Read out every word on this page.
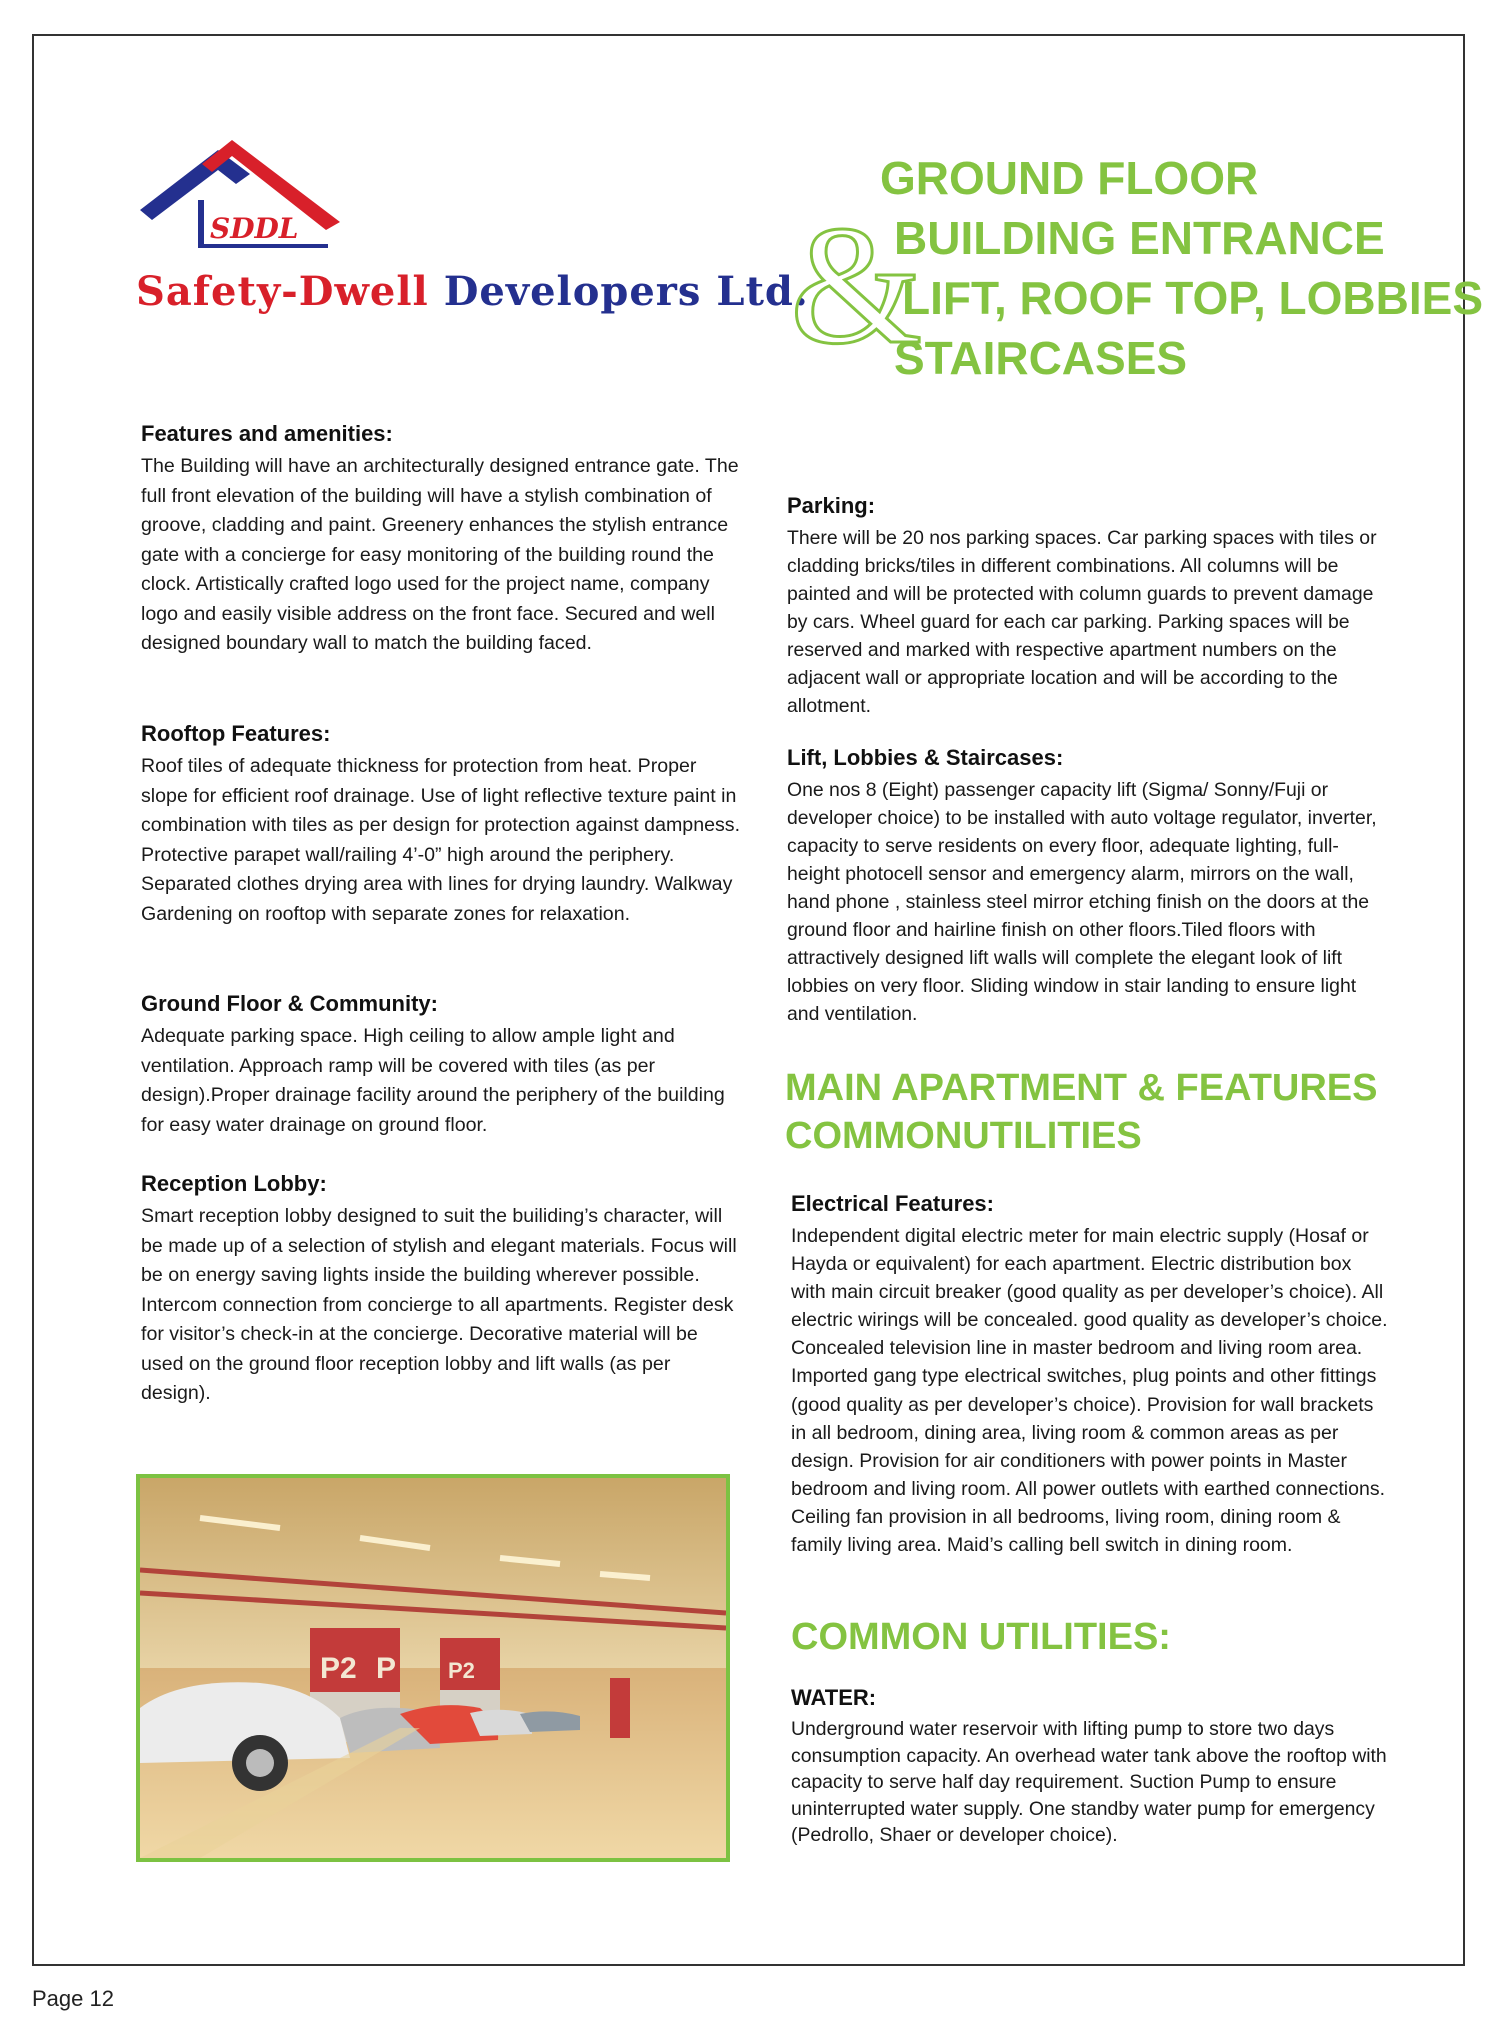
SDDL
Safety-Dwell Developers Ltd.
&
GROUND FLOOR
BUILDING ENTRANCE
LIFT, ROOF TOP, LOBBIES
STAIRCASES
Features and amenities:

The Building will have an architecturally designed entrance gate. The full front elevation of the building will have a stylish combination of groove, cladding and paint. Greenery enhances the stylish entrance gate with a concierge for easy monitoring of the building round the clock. Artistically crafted logo used for the project name, company logo and easily visible address on the front face. Secured and well designed boundary wall to match the building faced.

Rooftop Features:

Roof tiles of adequate thickness for protection from heat. Proper slope for efficient roof drainage. Use of light reflective texture paint in combination with tiles as per design for protection against dampness. Protective parapet wall/railing 4’-0” high around the periphery. Separated clothes drying area with lines for drying laundry. Walkway Gardening on rooftop with separate zones for relaxation.

Ground Floor & Community:

Adequate parking space. High ceiling to allow ample light and ventilation. Approach ramp will be covered with tiles (as per design).Proper drainage facility around the periphery of the building for easy water drainage on ground floor.

Reception Lobby:

Smart reception lobby designed to suit the builiding’s character, will be made up of a selection of stylish and elegant materials. Focus will be on energy saving lights inside the building wherever possible. Intercom connection from concierge to all apartments. Register desk for visitor’s check-in at the concierge. Decorative material will be used on the ground floor reception lobby and lift walls (as per design).

P2 P P2
Parking:

There will be 20 nos parking spaces. Car parking spaces with tiles or cladding bricks/tiles in different combinations. All columns will be painted and will be protected with column guards to prevent damage by cars. Wheel guard for each car parking. Parking spaces will be reserved and marked with respective apartment numbers on the adjacent wall or appropriate location and will be according to the allotment.

Lift, Lobbies & Staircases:

One nos 8 (Eight) passenger capacity lift (Sigma/ Sonny/Fuji or developer choice) to be installed with auto voltage regulator, inverter, capacity to serve residents on every floor, adequate lighting, full-height photocell sensor and emergency alarm, mirrors on the wall, hand phone , stainless steel mirror etching finish on the doors at the ground floor and hairline finish on other floors.Tiled floors with attractively designed lift walls will complete the elegant look of lift lobbies on very floor. Sliding window in stair landing to ensure light and ventilation.

MAIN APARTMENT & FEATURES
COMMONUTILITIES
Electrical Features:

Independent digital electric meter for main electric supply (Hosaf or Hayda or equivalent) for each apartment. Electric distribution box with main circuit breaker (good quality as per developer’s choice). All electric wirings will be concealed. good quality as developer’s choice. Concealed television line in master bedroom and living room area. Imported gang type electrical switches, plug points and other fittings (good quality as per developer’s choice). Provision for wall brackets in all bedroom, dining area, living room & common areas as per design. Provision for air conditioners with power points in Master bedroom and living room. All power outlets with earthed connections. Ceiling fan provision in all bedrooms, living room, dining room & family living area. Maid’s calling bell switch in dining room.

COMMON UTILITIES:
WATER:

Underground water reservoir with lifting pump to store two days consumption capacity. An overhead water tank above the rooftop with capacity to serve half day requirement. Suction Pump to ensure uninterrupted water supply. One standby water pump for emergency (Pedrollo, Shaer or developer choice).

Page 12
